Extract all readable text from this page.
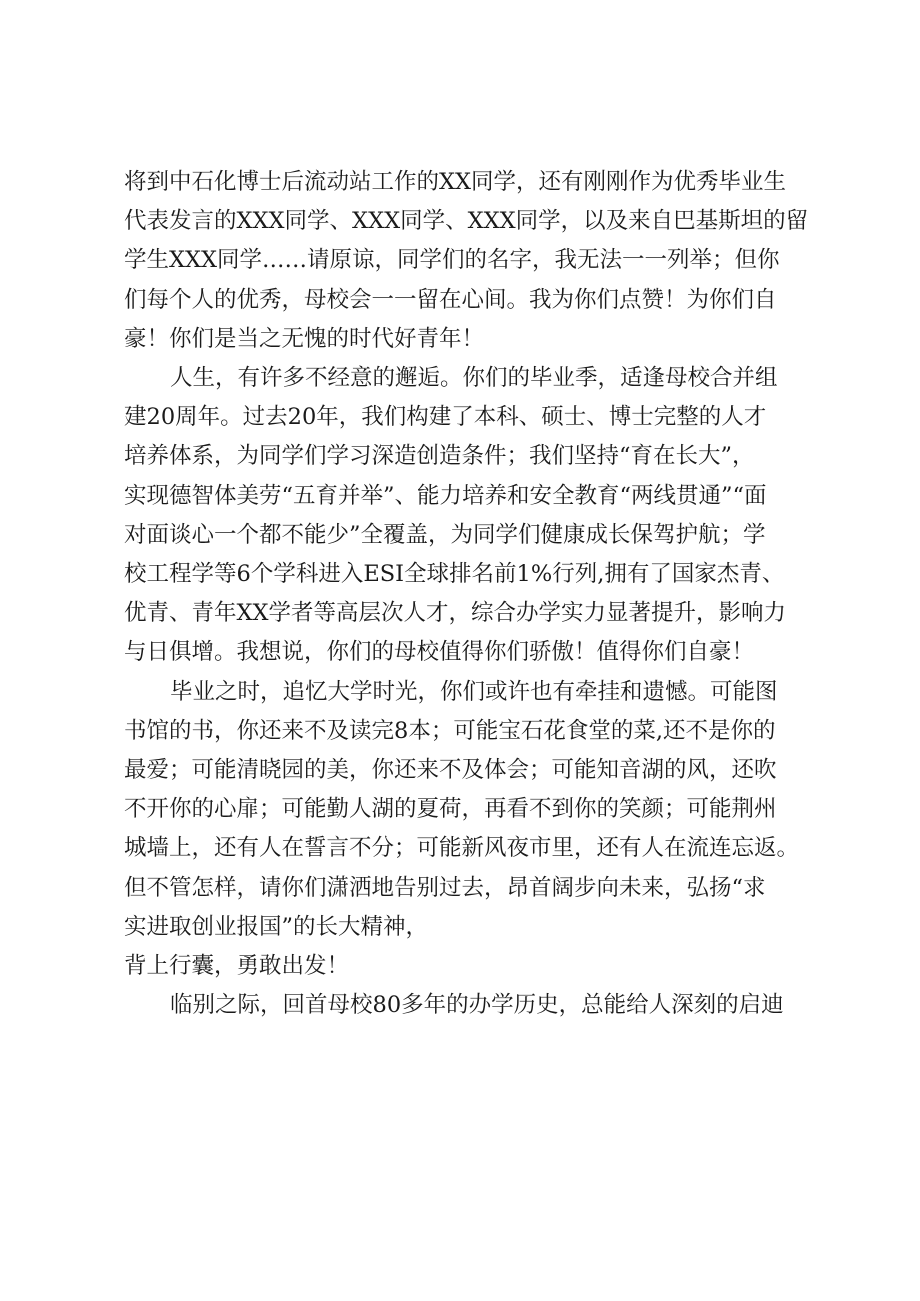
将到中石化博士后流动站工作的XX同学，还有刚刚作为优秀毕业生
代表发言的XXX同学、XXX同学、XXX同学，以及来自巴基斯坦的留
学生XXX同学……请原谅，同学们的名字，我无法一一列举；但你
们每个人的优秀，母校会一一留在心间。我为你们点赞！为你们自
豪！你们是当之无愧的时代好青年！

人生，有许多不经意的邂逅。你们的毕业季，适逢母校合并组
建20周年。过去20年，我们构建了本科、硕士、博士完整的人才
培养体系，为同学们学习深造创造条件；我们坚持“育在长大”，
实现德智体美劳“五育并举”、能力培养和安全教育“两线贯通”“面
对面谈心一个都不能少”全覆盖，为同学们健康成长保驾护航；学
校工程学等6个学科进入ESI全球排名前1%行列,拥有了国家杰青、
优青、青年XX学者等高层次人才，综合办学实力显著提升，影响力
与日俱增。我想说，你们的母校值得你们骄傲！值得你们自豪！

毕业之时，追忆大学时光，你们或许也有牵挂和遗憾。可能图
书馆的书，你还来不及读完8本；可能宝石花食堂的菜,还不是你的
最爱；可能清晓园的美，你还来不及体会；可能知音湖的风，还吹
不开你的心扉；可能勤人湖的夏荷，再看不到你的笑颜；可能荆州
城墙上，还有人在誓言不分；可能新风夜市里，还有人在流连忘返。
但不管怎样，请你们潇洒地告别过去，昂首阔步向未来，弘扬“求
实进取创业报国”的长大精神，

背上行囊，勇敢出发！

临别之际，回首母校80多年的办学历史，总能给人深刻的启迪
